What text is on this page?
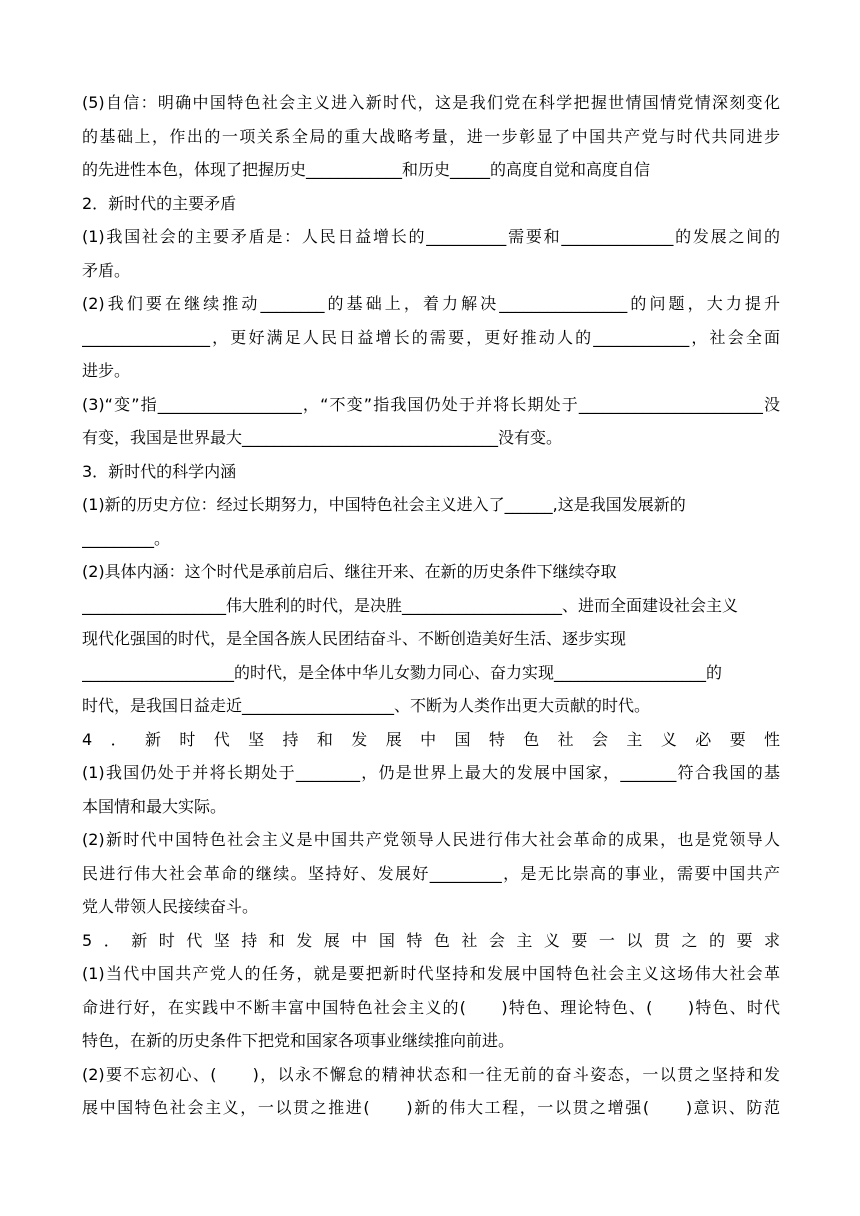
(5)自信：明确中国特色社会主义进入新时代，这是我们党在科学把握世情国情党情深刻变化
的基础上，作出的一项关系全局的重大战略考量，进一步彰显了中国共产党与时代共同进步
的先进性本色，体现了把握历史____________和历史_____的高度自觉和高度自信
2．新时代的主要矛盾
(1)我国社会的主要矛盾是：人民日益增长的__________需要和______________的发展之间的
矛盾。
(2)我们要在继续推动________的基础上，着力解决________________的问题，大力提升
________________，更好满足人民日益增长的需要，更好推动人的____________，社会全面
进步。
(3)“变”指__________________，“不变”指我国仍处于并将长期处于_______________________没
有变，我国是世界最大________________________________没有变。
3．新时代的科学内涵
(1)新的历史方位：经过长期努力，中国特色社会主义进入了______,这是我国发展新的
_________。
(2)具体内涵：这个时代是承前启后、继往开来、在新的历史条件下继续夺取
__________________伟大胜利的时代，是决胜____________________、进而全面建设社会主义
现代化强国的时代，是全国各族人民团结奋斗、不断创造美好生活、逐步实现
___________________的时代，是全体中华儿女勠力同心、奋力实现___________________的
时代，是我国日益走近___________________、不断为人类作出更大贡献的时代。
4．新时代坚持和发展中国特色社会主义必要性
(1)我国仍处于并将长期处于________，仍是世界上最大的发展中国家，_______符合我国的基
本国情和最大实际。
(2)新时代中国特色社会主义是中国共产党领导人民进行伟大社会革命的成果，也是党领导人
民进行伟大社会革命的继续。坚持好、发展好_________，是无比崇高的事业，需要中国共产
党人带领人民接续奋斗。
5．新时代坚持和发展中国特色社会主义要一以贯之的要求
(1)当代中国共产党人的任务，就是要把新时代坚持和发展中国特色社会主义这场伟大社会革
命进行好，在实践中不断丰富中国特色社会主义的(　　)特色、理论特色、(　　)特色、时代
特色，在新的历史条件下把党和国家各项事业继续推向前进。
(2)要不忘初心、(　　)，以永不懈怠的精神状态和一往无前的奋斗姿态，一以贯之坚持和发
展中国特色社会主义，一以贯之推进(　　)新的伟大工程，一以贯之增强(　　)意识、防范
